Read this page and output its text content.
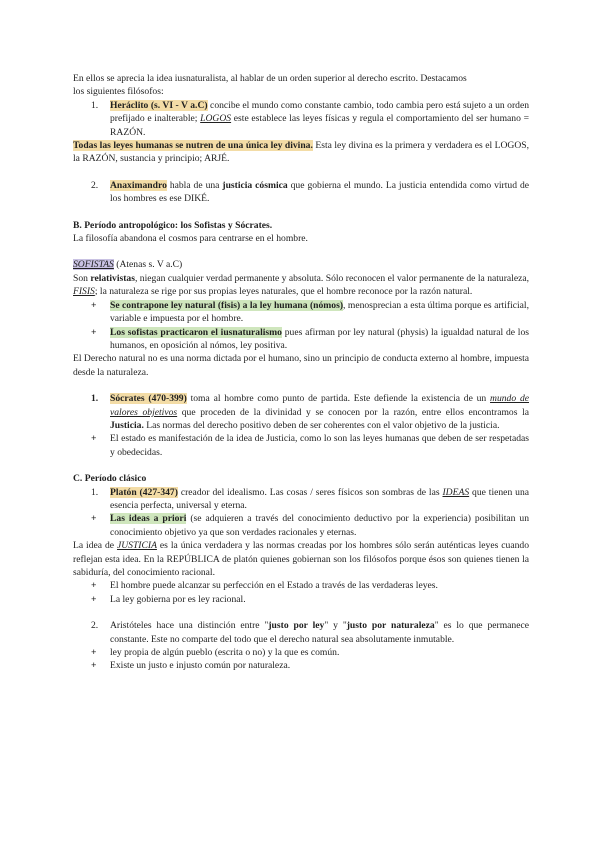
En ellos se aprecia la idea iusnaturalista, al hablar de un orden superior al derecho escrito. Destacamos
los siguientes filósofos:

1. Heráclito (s. VI - V a.C) concibe el mundo como constante cambio, todo cambia pero está sujeto a un orden prefijado e inalterable; LOGOS este establece las leyes físicas y regula el comportamiento del ser humano = RAZÓN.

Todas las leyes humanas se nutren de una única ley divina. Esta ley divina es la primera y verdadera es el LOGOS, la RAZÓN, sustancia y principio; ARJÉ.

2. Anaximandro habla de una justicia cósmica que gobierna el mundo. La justicia entendida como virtud de los hombres es ese DIKÉ.

B. Período antropológico: los Sofistas y Sócrates.

La filosofía abandona el cosmos para centrarse en el hombre.

SOFISTAS (Atenas s. V a.C)

Son relativistas, niegan cualquier verdad permanente y absoluta. Sólo reconocen el valor permanente de la naturaleza, FISIS; la naturaleza se rige por sus propias leyes naturales, que el hombre reconoce por la razón natural.

+ Se contrapone ley natural (fisis) a la ley humana (nómos), menosprecian a esta última porque es artificial, variable e impuesta por el hombre.
+ Los sofistas practicaron el iusnaturalismo pues afirman por ley natural (physis) la igualdad natural de los humanos, en oposición al nómos, ley positiva.

El Derecho natural no es una norma dictada por el humano, sino un principio de conducta externo al hombre, impuesta desde la naturaleza.

1. Sócrates (470-399) toma al hombre como punto de partida. Este defiende la existencia de un mundo de valores objetivos que proceden de la divinidad y se conocen por la razón, entre ellos encontramos la Justicia. Las normas del derecho positivo deben de ser coherentes con el valor objetivo de la justicia.
+ El estado es manifestación de la idea de Justicia, como lo son las leyes humanas que deben de ser respetadas y obedecidas.

C. Período clásico

1. Platón (427-347) creador del idealismo. Las cosas / seres físicos son sombras de las IDEAS que tienen una esencia perfecta, universal y eterna.
+ Las ideas a priori (se adquieren a través del conocimiento deductivo por la experiencia) posibilitan un conocimiento objetivo ya que son verdades racionales y eternas.

La idea de JUSTICIA es la única verdadera y las normas creadas por los hombres sólo serán auténticas leyes cuando reflejan esta idea. En la REPÚBLICA de platón quienes gobiernan son los filósofos porque ésos son quienes tienen la sabiduría, del conocimiento racional.

+ El hombre puede alcanzar su perfección en el Estado a través de las verdaderas leyes.
+ La ley gobierna por es ley racional.
2. Aristóteles hace una distinción entre "justo por ley" y "justo por naturaleza" es lo que permanece constante. Este no comparte del todo que el derecho natural sea absolutamente inmutable.
+ ley propia de algún pueblo (escrita o no) y la que es común.
+ Existe un justo e injusto común por naturaleza.
